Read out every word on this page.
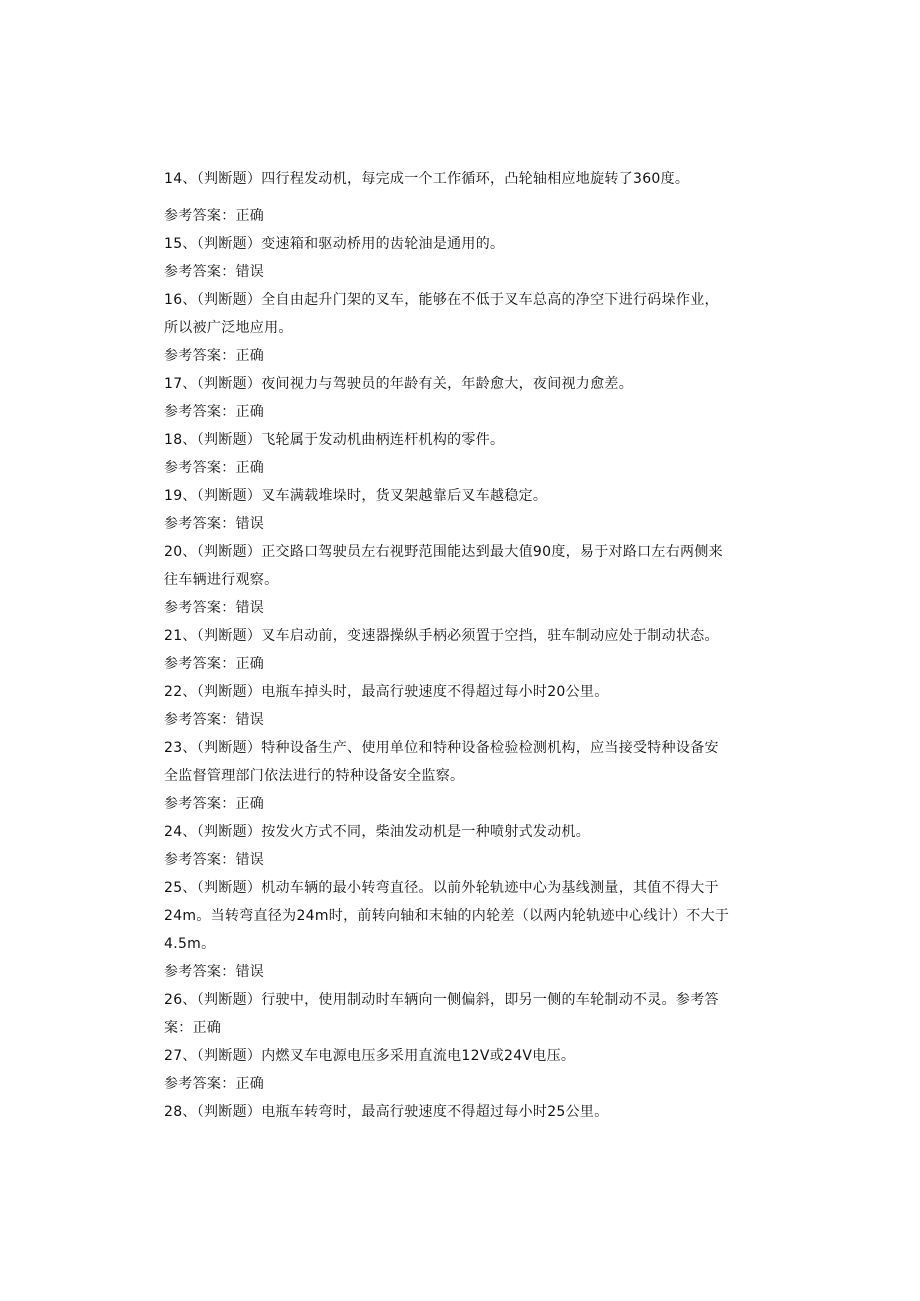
14、（判断题）四行程发动机，每完成一个工作循环，凸轮轴相应地旋转了360度。
参考答案：正确
15、（判断题）变速箱和驱动桥用的齿轮油是通用的。
参考答案：错误
16、（判断题）全自由起升门架的叉车，能够在不低于叉车总高的净空下进行码垛作业，
所以被广泛地应用。
参考答案：正确
17、（判断题）夜间视力与驾驶员的年龄有关，年龄愈大，夜间视力愈差。
参考答案：正确
18、（判断题）飞轮属于发动机曲柄连杆机构的零件。
参考答案：正确
19、（判断题）叉车满载堆垛时，货叉架越靠后叉车越稳定。
参考答案：错误
20、（判断题）正交路口驾驶员左右视野范围能达到最大值90度，易于对路口左右两侧来
往车辆进行观察。
参考答案：错误
21、（判断题）叉车启动前，变速器操纵手柄必须置于空挡，驻车制动应处于制动状态。
参考答案：正确
22、（判断题）电瓶车掉头时，最高行驶速度不得超过每小时20公里。
参考答案：错误
23、（判断题）特种设备生产、使用单位和特种设备检验检测机构，应当接受特种设备安
全监督管理部门依法进行的特种设备安全监察。
参考答案：正确
24、（判断题）按发火方式不同，柴油发动机是一种喷射式发动机。
参考答案：错误
25、（判断题）机动车辆的最小转弯直径。以前外轮轨迹中心为基线测量，其值不得大于
24m。当转弯直径为24m时，前转向轴和末轴的内轮差（以两内轮轨迹中心线计）不大于
4.5m。
参考答案：错误
26、（判断题）行驶中，使用制动时车辆向一侧偏斜，即另一侧的车轮制动不灵。参考答
案：正确
27、（判断题）内燃叉车电源电压多采用直流电12V或24V电压。
参考答案：正确
28、（判断题）电瓶车转弯时，最高行驶速度不得超过每小时25公里。
